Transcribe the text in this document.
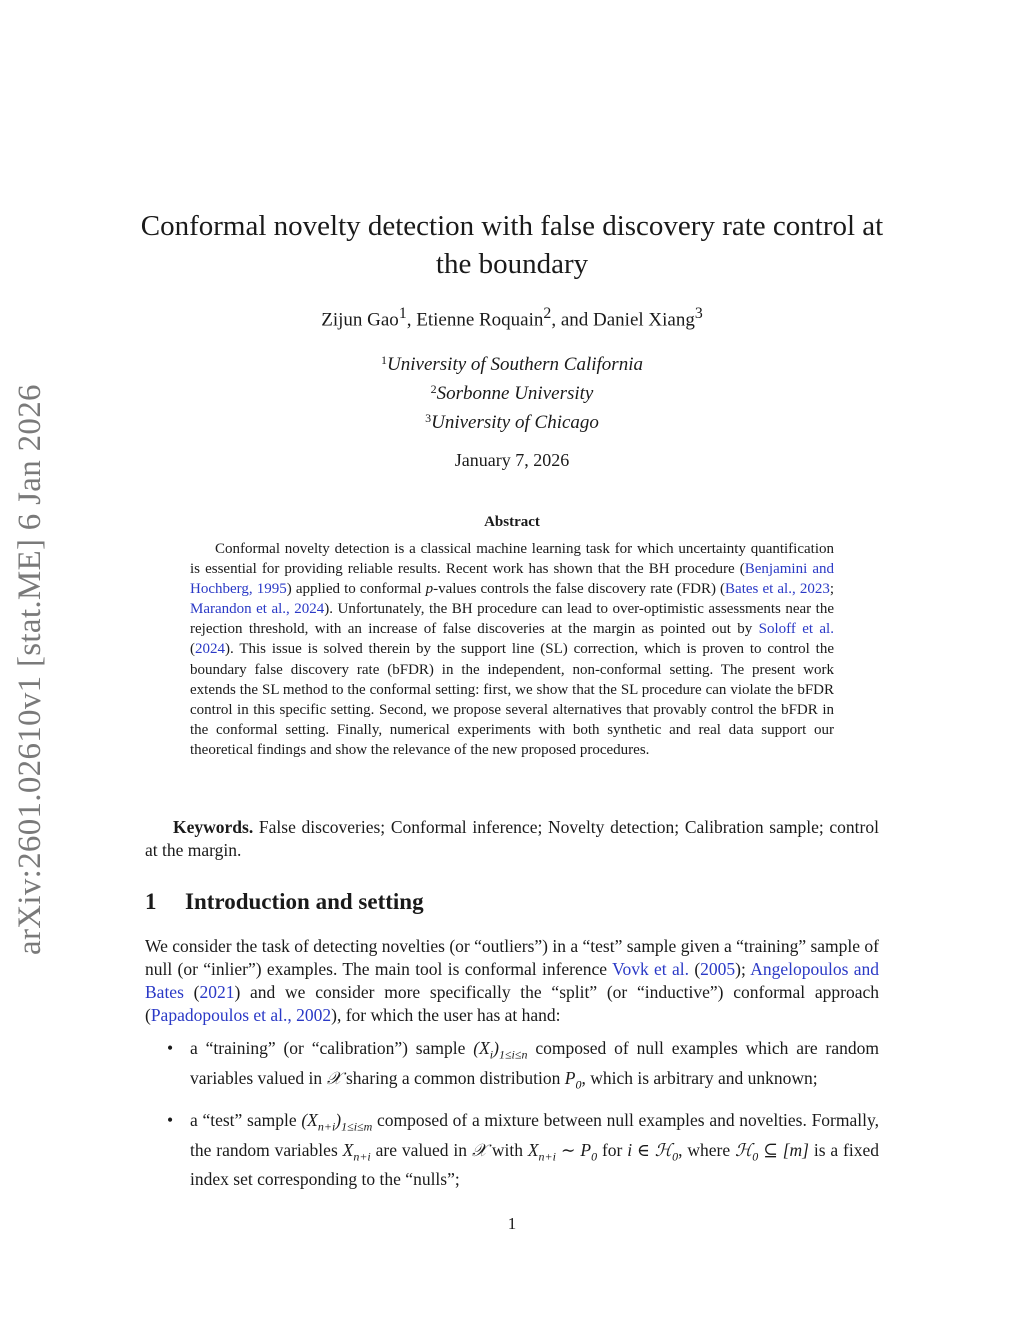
arXiv:2601.02610v1 [stat.ME] 6 Jan 2026
Conformal novelty detection with false discovery rate control at the boundary
Zijun Gao$^1$, Etienne Roquain$^2$, and Daniel Xiang$^3$
$^1$University of Southern California
$^2$Sorbonne University
$^3$University of Chicago
January 7, 2026
Abstract
Conformal novelty detection is a classical machine learning task for which uncertainty quantification is essential for providing reliable results. Recent work has shown that the BH procedure (Benjamini and Hochberg, 1995) applied to conformal p-values controls the false discovery rate (FDR) (Bates et al., 2023; Marandon et al., 2024). Unfortunately, the BH procedure can lead to over-optimistic assessments near the rejection threshold, with an increase of false discoveries at the margin as pointed out by Soloff et al. (2024). This issue is solved therein by the support line (SL) correction, which is proven to control the boundary false discovery rate (bFDR) in the independent, non-conformal setting. The present work extends the SL method to the conformal setting: first, we show that the SL procedure can violate the bFDR control in this specific setting. Second, we propose several alternatives that provably control the bFDR in the conformal setting. Finally, numerical experiments with both synthetic and real data support our theoretical findings and show the relevance of the new proposed procedures.
Keywords. False discoveries; Conformal inference; Novelty detection; Calibration sample; control at the margin.
1 Introduction and setting
We consider the task of detecting novelties (or “outliers”) in a “test” sample given a “training” sample of null (or “inlier”) examples. The main tool is conformal inference Vovk et al. (2005); Angelopoulos and Bates (2021) and we consider more specifically the “split” (or “inductive”) conformal approach (Papadopoulos et al., 2002), for which the user has at hand:
• a “training” (or “calibration”) sample $(X_i)_{1\le i\le n}$ composed of null examples which are random variables valued in 𝒳 sharing a common distribution $P_0$, which is arbitrary and unknown;
• a “test” sample $(X_{n+i})_{1\le i\le m}$ composed of a mixture between null examples and novelties. Formally, the random variables $X_{n+i}$ are valued in 𝒳 with $X_{n+i}$ ∼ $P_0$ for i ∈ ℋ$_0$, where ℋ$_0$ ⊆ [m] is a fixed index set corresponding to the “nulls”;
1
